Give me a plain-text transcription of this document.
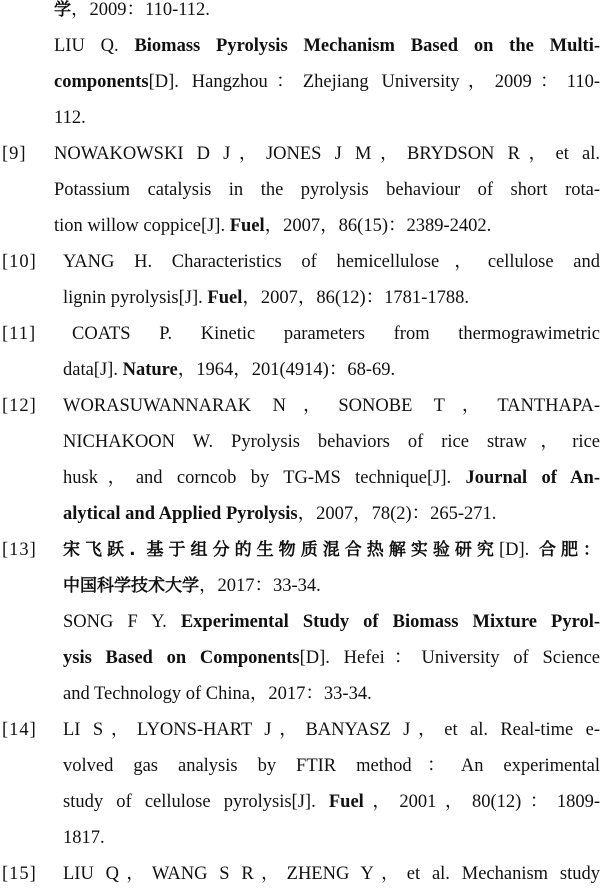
学，2009：110-112.
LIU Q. Biomass Pyrolysis Mechanism Based on the Multi-
components[D]. Hangzhou：Zhejiang University，2009：110-
112.
[9] NOWAKOWSKI D J，JONES J M，BRYDSON R，et al.
Potassium catalysis in the pyrolysis behaviour of short rota-
tion willow coppice[J]. Fuel，2007，86(15)：2389-2402.
[10] YANG H. Characteristics of hemicellulose，cellulose and
lignin pyrolysis[J]. Fuel，2007，86(12)：1781-1788.
[11] COATS P. Kinetic parameters from thermograwimetric
data[J]. Nature，1964，201(4914)：68-69.
[12] WORASUWANNARAK N，SONOBE T，TANTHAPA-
NICHAKOON W. Pyrolysis behaviors of rice straw，rice
husk，and corncob by TG-MS technique[J]. Journal of An-
alytical and Applied Pyrolysis，2007，78(2)：265-271.
[13] 宋飞跃. 基于组分的生物质混合热解实验研究[D]. 合肥：
中国科学技术大学，2017：33-34.
SONG F Y. Experimental Study of Biomass Mixture Pyrol-
ysis Based on Components[D]. Hefei：University of Science
and Technology of China，2017：33-34.
[14] LI S，LYONS-HART J，BANYASZ J，et al. Real-time e-
volved gas analysis by FTIR method：An experimental
study of cellulose pyrolysis[J]. Fuel，2001，80(12)：1809-
1817.
[15] LIU Q，WANG S R，ZHENG Y，et al. Mechanism study
